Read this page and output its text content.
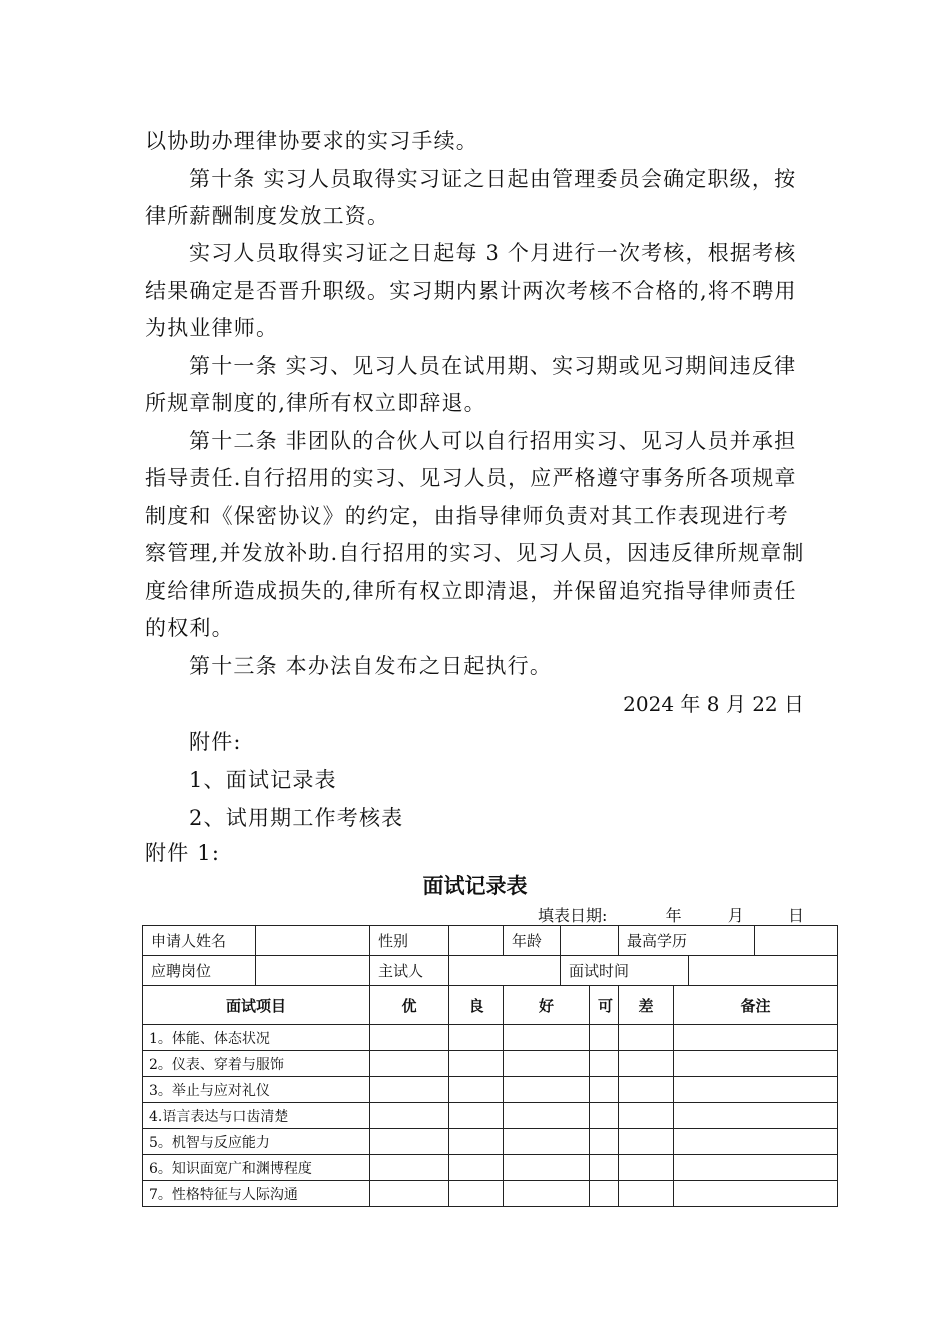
以协助办理律协要求的实习手续。
第十条 实习人员取得实习证之日起由管理委员会确定职级，按
律所薪酬制度发放工资。
实习人员取得实习证之日起每 3 个月进行一次考核，根据考核
结果确定是否晋升职级。实习期内累计两次考核不合格的,将不聘用
为执业律师。
第十一条 实习、见习人员在试用期、实习期或见习期间违反律
所规章制度的,律所有权立即辞退。
第十二条 非团队的合伙人可以自行招用实习、见习人员并承担
指导责任.自行招用的实习、见习人员，应严格遵守事务所各项规章
制度和《保密协议》的约定，由指导律师负责对其工作表现进行考
察管理,并发放补助.自行招用的实习、见习人员，因违反律所规章制
度给律所造成损失的,律所有权立即清退，并保留追究指导律师责任
的权利。
第十三条 本办法自发布之日起执行。
2024 年 8 月 22 日
附件:
1、面试记录表
2、试用期工作考核表
附件 1:
面试记录表
填表日期:	年	月	日
申请人姓名		性别		年龄			最高学历			
应聘岗位		主试人			面试时间					
面试项目		优	良	好		可	差	备注		
1。体能、体态状况										
2。仪表、穿着与服饰										
3。举止与应对礼仪										
4.语言表达与口齿清楚										
5。机智与反应能力										
6。知识面宽广和渊博程度										
7。性格特征与人际沟通										
